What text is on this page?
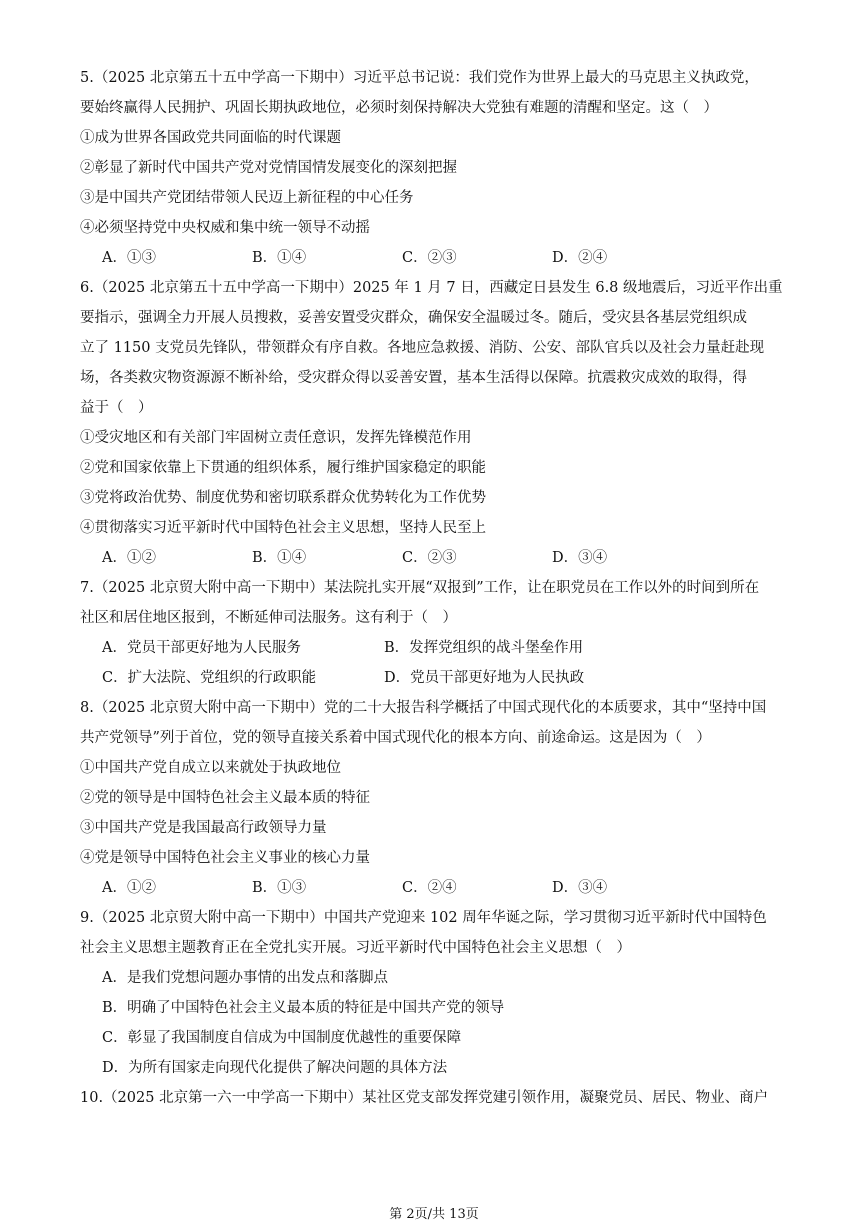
5.（2025 北京第五十五中学高一下期中）习近平总书记说：我们党作为世界上最大的马克思主义执政党，
要始终赢得人民拥护、巩固长期执政地位，必须时刻保持解决大党独有难题的清醒和坚定。这（　）
①成为世界各国政党共同面临的时代课题
②彰显了新时代中国共产党对党情国情发展变化的深刻把握
③是中国共产党团结带领人民迈上新征程的中心任务
④必须坚持党中央权威和集中统一领导不动摇
A．①③	B．①④	C．②③	D．②④
6.（2025 北京第五十五中学高一下期中）2025 年 1 月 7 日，西藏定日县发生 6.8 级地震后，习近平作出重
要指示，强调全力开展人员搜救，妥善安置受灾群众，确保安全温暖过冬。随后，受灾县各基层党组织成
立了 1150 支党员先锋队，带领群众有序自救。各地应急救援、消防、公安、部队官兵以及社会力量赶赴现
场，各类救灾物资源源不断补给，受灾群众得以妥善安置，基本生活得以保障。抗震救灾成效的取得，得
益于（　）
①受灾地区和有关部门牢固树立责任意识，发挥先锋模范作用
②党和国家依靠上下贯通的组织体系，履行维护国家稳定的职能
③党将政治优势、制度优势和密切联系群众优势转化为工作优势
④贯彻落实习近平新时代中国特色社会主义思想，坚持人民至上
A．①②	B．①④	C．②③	D．③④
7.（2025 北京贸大附中高一下期中）某法院扎实开展“双报到”工作，让在职党员在工作以外的时间到所在
社区和居住地区报到，不断延伸司法服务。这有利于（　）
A．党员干部更好地为人民服务	B．发挥党组织的战斗堡垒作用
C．扩大法院、党组织的行政职能	D．党员干部更好地为人民执政
8.（2025 北京贸大附中高一下期中）党的二十大报告科学概括了中国式现代化的本质要求，其中“坚持中国
共产党领导”列于首位，党的领导直接关系着中国式现代化的根本方向、前途命运。这是因为（　）
①中国共产党自成立以来就处于执政地位
②党的领导是中国特色社会主义最本质的特征
③中国共产党是我国最高行政领导力量
④党是领导中国特色社会主义事业的核心力量
A．①②	B．①③	C．②④	D．③④
9.（2025 北京贸大附中高一下期中）中国共产党迎来 102 周年华诞之际，学习贯彻习近平新时代中国特色
社会主义思想主题教育正在全党扎实开展。习近平新时代中国特色社会主义思想（　）
A．是我们党想问题办事情的出发点和落脚点
B．明确了中国特色社会主义最本质的特征是中国共产党的领导
C．彰显了我国制度自信成为中国制度优越性的重要保障
D．为所有国家走向现代化提供了解决问题的具体方法
10.（2025 北京第一六一中学高一下期中）某社区党支部发挥党建引领作用，凝聚党员、居民、物业、商户
第 2页/共 13页
